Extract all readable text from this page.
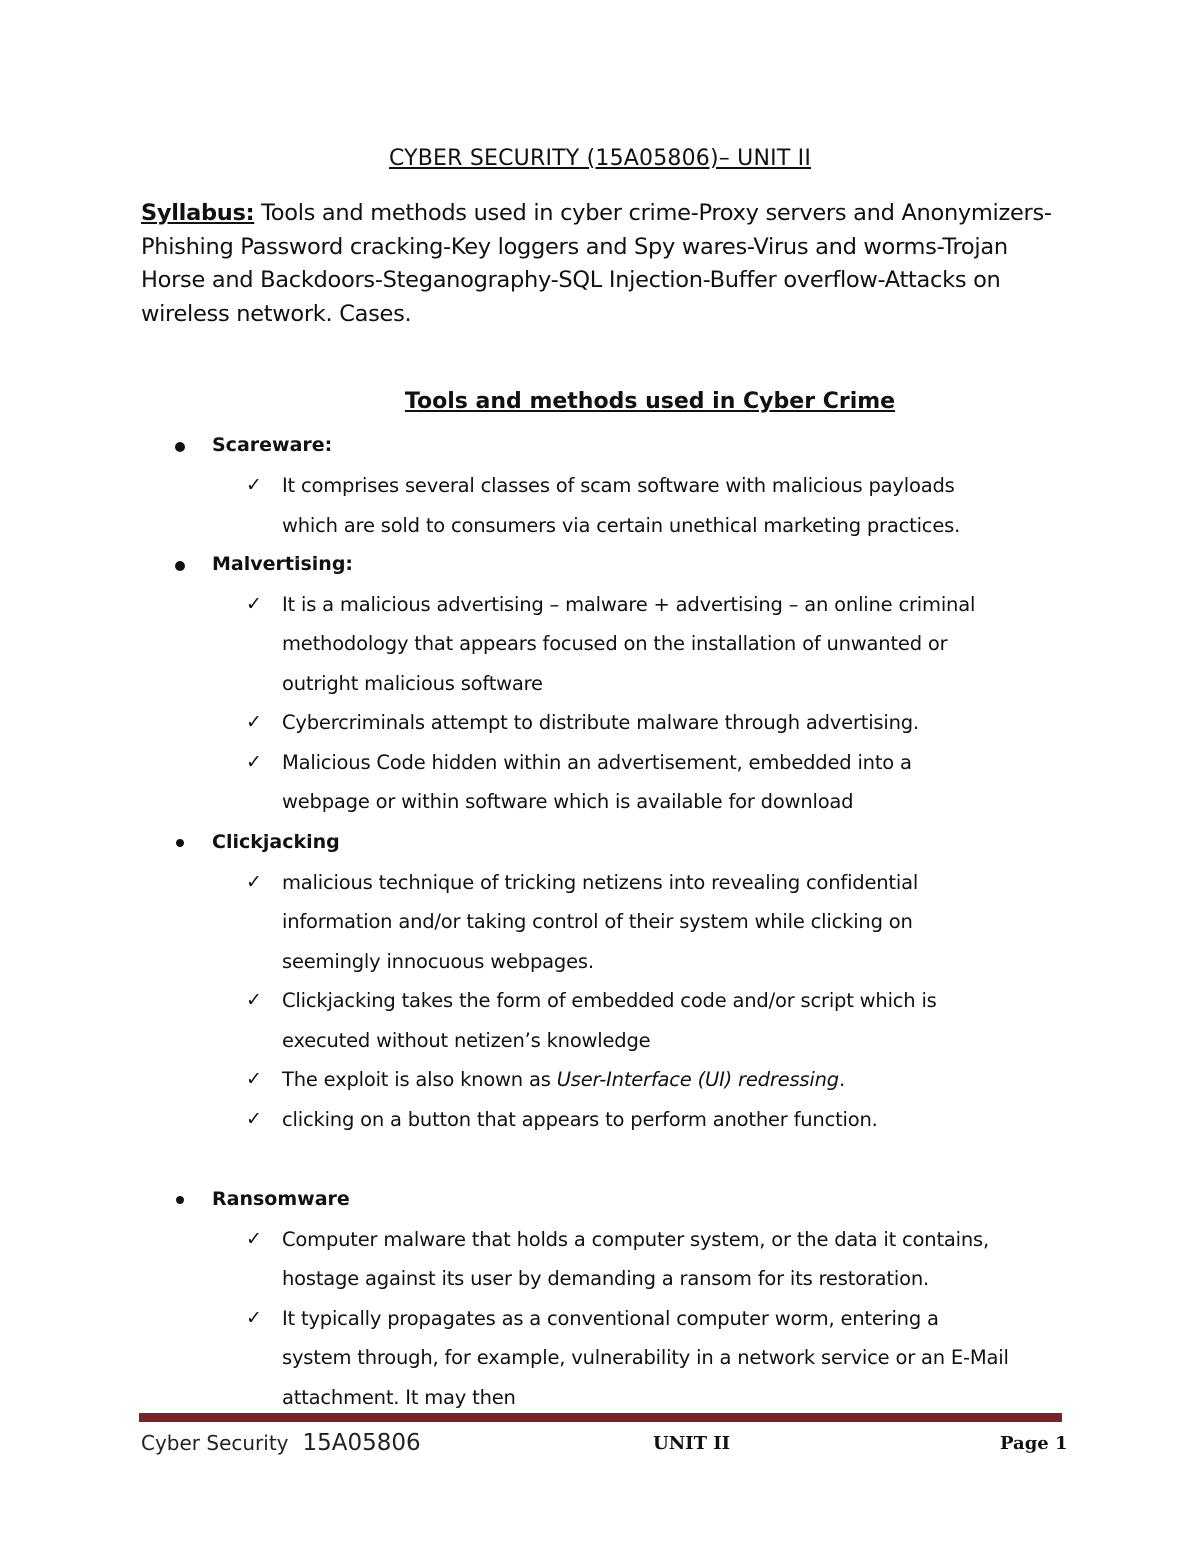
CYBER SECURITY (15A05806)– UNIT II
Syllabus: Tools and methods used in cyber crime-Proxy servers and Anonymizers-Phishing Password cracking-Key loggers and Spy wares-Virus and worms-Trojan Horse and Backdoors-Steganography-SQL Injection-Buffer overflow-Attacks on wireless network. Cases.
Tools and methods used in Cyber Crime
Scareware:
✓ It comprises several classes of scam software with malicious payloads
which are sold to consumers via certain unethical marketing practices.
Malvertising:
✓ It is a malicious advertising – malware + advertising – an online criminal
methodology that appears focused on the installation of unwanted or
outright malicious software
✓ Cybercriminals attempt to distribute malware through advertising.
✓ Malicious Code hidden within an advertisement, embedded into a
webpage or within software which is available for download
Clickjacking
✓ malicious technique of tricking netizens into revealing confidential
information and/or taking control of their system while clicking on
seemingly innocuous webpages.
✓ Clickjacking takes the form of embedded code and/or script which is
executed without netizen’s knowledge
✓ The exploit is also known as User-Interface (UI) redressing.
✓ clicking on a button that appears to perform another function.
Ransomware
✓ Computer malware that holds a computer system, or the data it contains,
hostage against its user by demanding a ransom for its restoration.
✓ It typically propagates as a conventional computer worm, entering a
system through, for example, vulnerability in a network service or an E-Mail
attachment. It may then
Cyber Security 15A05806	UNIT II	Page 1
